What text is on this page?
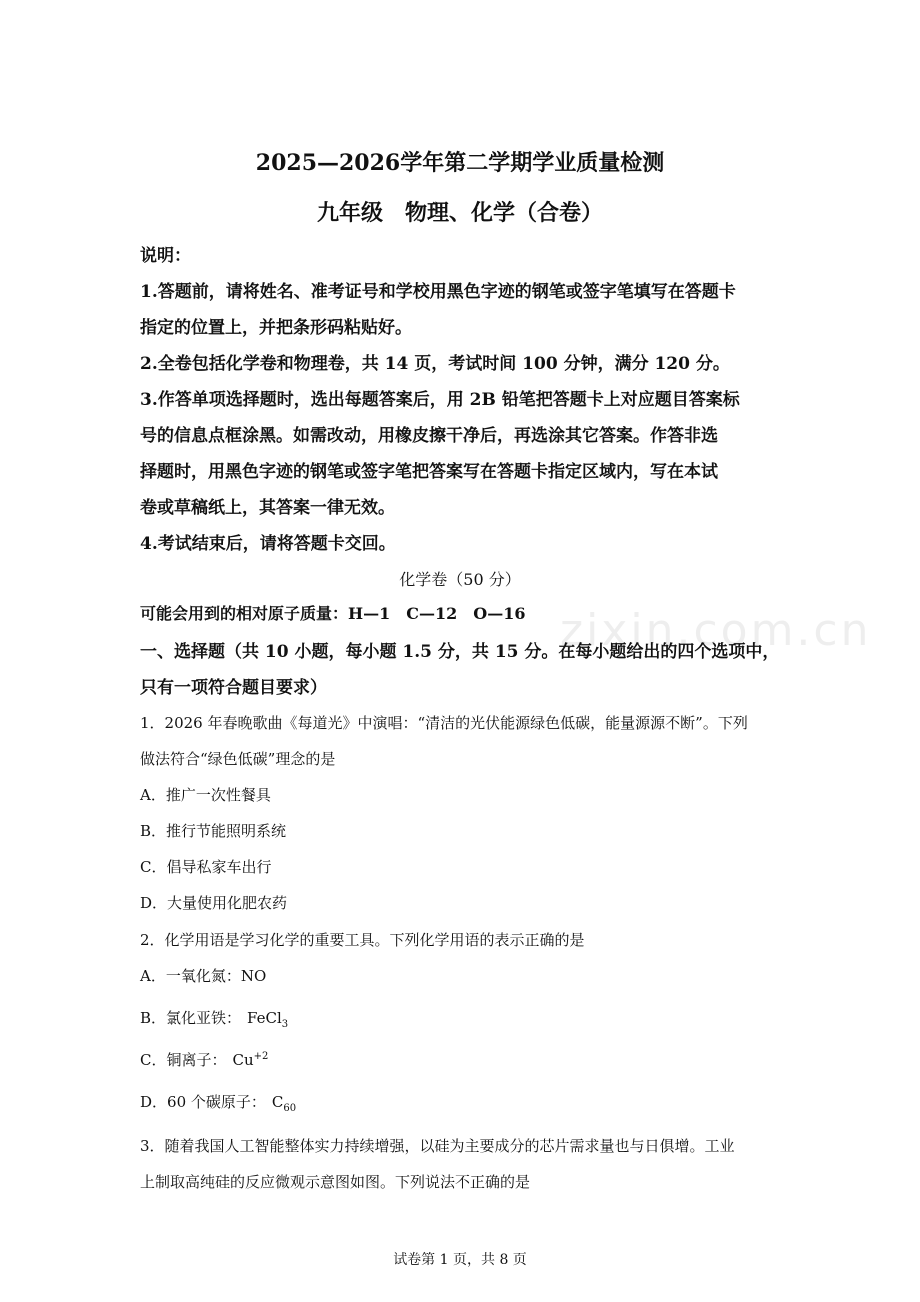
zixin.com.cn
2025—2026学年第二学期学业质量检测
九年级　物理、化学（合卷）
说明：
1.答题前，请将姓名、准考证号和学校用黑色字迹的钢笔或签字笔填写在答题卡
指定的位置上，并把条形码粘贴好。
2.全卷包括化学卷和物理卷，共 14 页，考试时间 100 分钟，满分 120 分。
3.作答单项选择题时，选出每题答案后，用 2B 铅笔把答题卡上对应题目答案标
号的信息点框涂黑。如需改动，用橡皮擦干净后，再选涂其它答案。作答非选
择题时，用黑色字迹的钢笔或签字笔把答案写在答题卡指定区域内，写在本试
卷或草稿纸上，其答案一律无效。
4.考试结束后，请将答题卡交回。
化学卷（50 分）
可能会用到的相对原子质量：H—1　C—12　O—16
一、选择题（共 10 小题，每小题 1.5 分，共 15 分。在每小题给出的四个选项中，
只有一项符合题目要求）
1．2026 年春晚歌曲《每道光》中演唱：“清洁的光伏能源绿色低碳，能量源源不断”。下列
做法符合“绿色低碳”理念的是
A．推广一次性餐具
B．推行节能照明系统
C．倡导私家车出行
D．大量使用化肥农药
2．化学用语是学习化学的重要工具。下列化学用语的表示正确的是
A．一氧化氮：NO
B．氯化亚铁： FeCl$_3$
C．铜离子： $Cu^{+2}$
D．60 个碳原子： $C_{60}$
3．随着我国人工智能整体实力持续增强，以硅为主要成分的芯片需求量也与日俱增。工业
上制取高纯硅的反应微观示意图如图。下列说法不正确的是
试卷第 1 页，共 8 页
